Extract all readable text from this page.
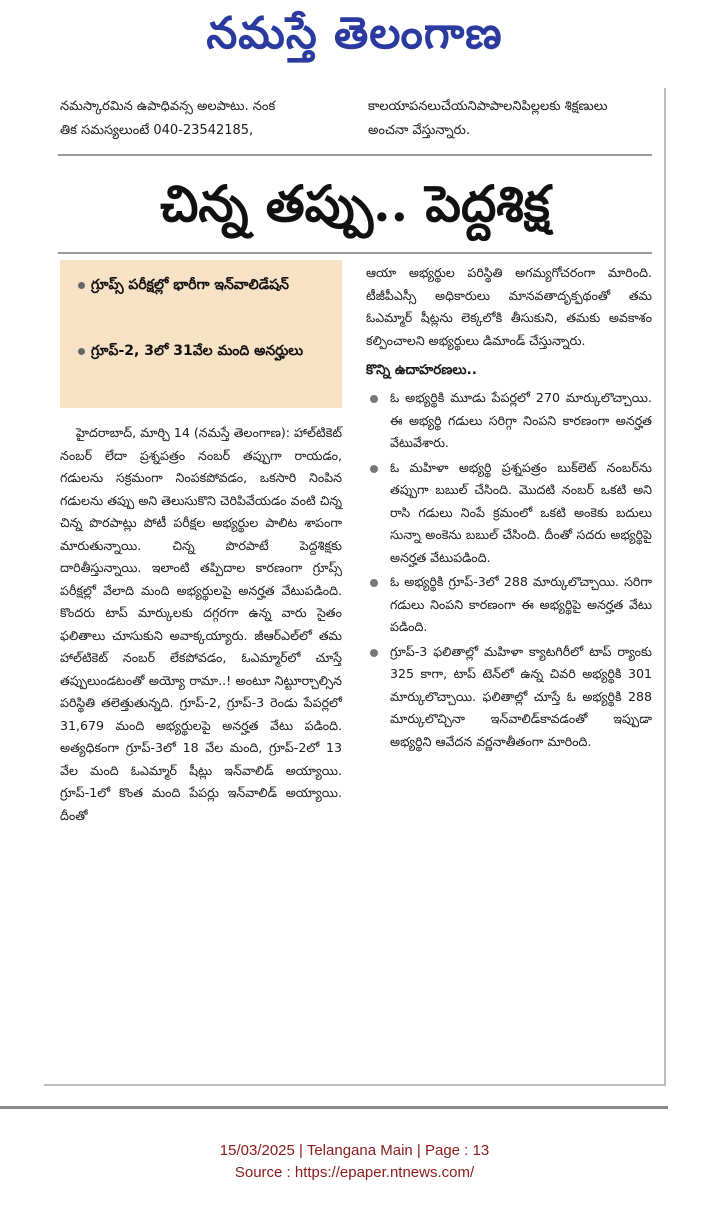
నమస్తే తెలంగాణ
నమస్కారమిన ఉపాధివన్స అలపాటు. నంక
తిక సమస్యలుంటే 040-23542185,
కాలయాపనలుచేయనిపాపాలనిపిల్లలకు శిక్షణులు
అంచనా వేస్తున్నారు.
చిన్న తప్పు.. పెద్దశిక్ష
గ్రూప్స్ పరీక్షల్లో భారీగా ఇన్‌వాలిడేషన్
గ్రూప్-2, 3లో 31వేల మంది అనర్హులు

హైదరాబాద్, మార్చి 14 (నమస్తే తెలంగాణ): హాల్‌టికెట్ నంబర్ లేదా ప్రశ్నపత్రం నంబర్ తప్పుగా రాయడం, గడులను సక్రమంగా నింపకపోవడం, ఒకసారి నింపిన గడులను తప్పు అని తెలుసుకొని చెరిపివేయడం వంటి చిన్న చిన్న పొరపాట్లు పోటీ పరీక్షల అభ్యర్థుల పాలిట శాపంగా మారుతున్నాయి. చిన్న పొరపాటే పెద్దశిక్షకు దారితీస్తున్నాయి. ఇలాంటి తప్పిదాల కారణంగా గ్రూప్స్ పరీక్షల్లో వేలాది మంది అభ్యర్థులపై అనర్హత వేటుపడింది. కొందరు టాప్ మార్కులకు దగ్గరగా ఉన్న వారు సైతం ఫలితాలు చూసుకుని అవాక్కయ్యారు. జీఆర్ఎల్‌లో తమ హాల్‌టికెట్ నంబర్ లేకపోవడం, ఓఎమ్మార్‌లో చూస్తే తప్పులుండటంతో అయ్యో రామా..! అంటూ నిట్టూర్చాల్సిన పరిస్థితి తలెత్తుతున్నది. గ్రూప్-2, గ్రూప్-3 రెండు పేపర్లలో 31,679 మంది అభ్యర్థులపై అనర్హత వేటు పడింది. అత్యధికంగా గ్రూప్-3లో 18 వేల మంది, గ్రూప్-2లో 13 వేల మంది ఓఎమ్మార్ షీట్లు ఇన్‌వాలిడ్ అయ్యాయి. గ్రూప్-1లో కొంత మంది పేపర్లు ఇన్‌వాలిడ్ అయ్యాయి. దీంతో

ఆయా అభ్యర్థుల పరిస్థితి అగమ్యగోచరంగా మారింది. టీజీపీఎస్సీ అధికారులు మానవతాదృక్పథంతో తమ ఓఎమ్మార్ షీట్లను లెక్కలోకి తీసుకుని, తమకు అవకాశం కల్పించాలని అభ్యర్థులు డిమాండ్ చేస్తున్నారు.

కొన్ని ఉదాహరణలు..
ఓ అభ్యర్థికి మూడు పేపర్లలో 270 మార్కులొచ్చాయి. ఈ అభ్యర్థి గడులు సరిగ్గా నింపని కారణంగా అనర్హత వేటువేశారు.
ఓ మహిళా అభ్యర్థి ప్రశ్నపత్రం బుక్‌లెట్ నంబర్‌ను తప్పుగా బబుల్ చేసింది. మొదటి నంబర్ ఒకటి అని రాసి గడులు నింపే క్రమంలో ఒకటి అంకెకు బదులు సున్నా అంకెను బబుల్ చేసింది. దీంతో సదరు అభ్యర్థిపై అనర్హత వేటుపడింది.
ఓ అభ్యర్థికి గ్రూప్-3లో 288 మార్కులొచ్చాయి. సరిగా గడులు నింపని కారణంగా ఈ అభ్యర్థిపై అనర్హత వేటు పడింది.
గ్రూప్-3 ఫలితాల్లో మహిళా క్యాటగిరీలో టాప్ ర్యాంకు 325 కాగా, టాప్ టెన్‌లో ఉన్న చివరి అభ్యర్థికి 301 మార్కులొచ్చాయి. ఫలితాల్లో చూస్తే ఓ అభ్యర్థికి 288 మార్కులొచ్చినా ఇన్‌వాలిడ్‌కావడంతో ఇప్పుడా అభ్యర్థిని ఆవేదన వర్ణనాతీతంగా మారింది.
15/03/2025 | Telangana Main | Page : 13
Source : https://epaper.ntnews.com/
